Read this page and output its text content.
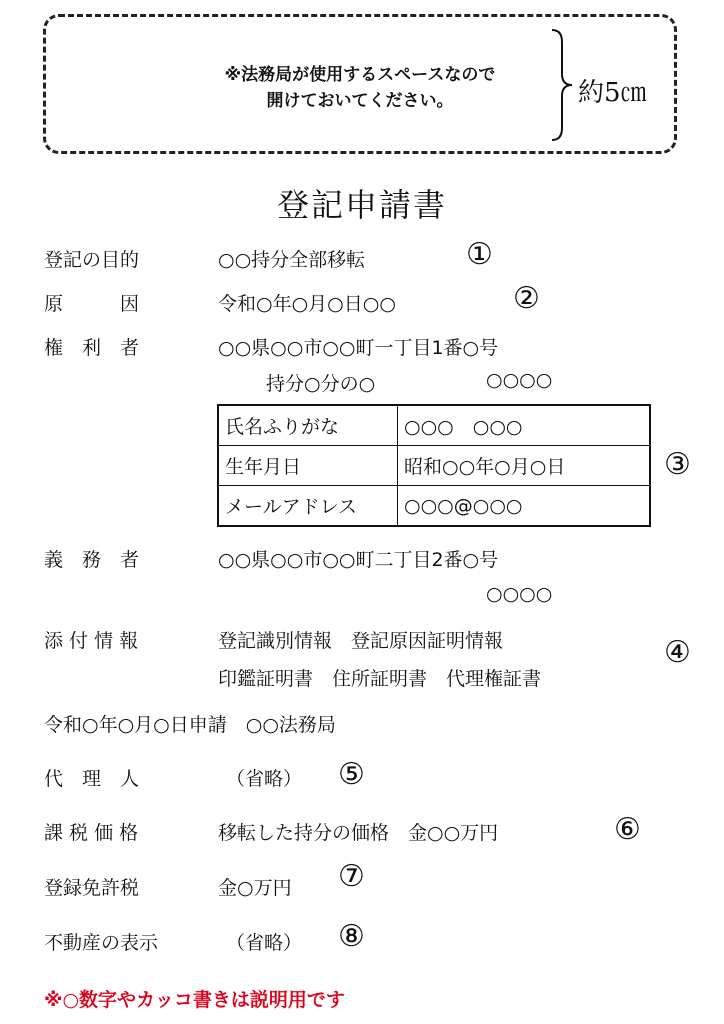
※法務局が使用するスペースなので
開けておいてください。	約5㎝
登記申請書
登記の目的	○○持分全部移転	①
原　　　因	令和○年○月○日○○	②
権　利　者	○○県○○市○○町一丁目1番○号
持分○分の○	○○○○
氏名ふりがな	○○○　○○○
生年月日	昭和○○年○月○日
メールアドレス	○○○@○○○
③
義　務　者	○○県○○市○○町二丁目2番○号
○○○○
添 付 情 報	登記識別情報　登記原因証明情報
印鑑証明書　住所証明書　代理権証書
④
令和○年○月○日申請　○○法務局
代　理　人	（省略） ⑤
課 税 価 格	移転した持分の価格　金○○万円	⑥
登録免許税	金○万円 ⑦
不動産の表示	（省略） ⑧
※○数字やカッコ書きは説明用です
